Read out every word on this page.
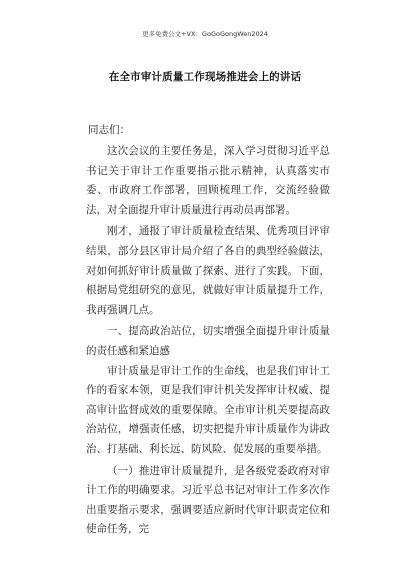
更多免费公文+VX：GoGoGongWen2024
在全市审计质量工作现场推进会上的讲话
同志们：

这次会议的主要任务是，深入学习贯彻习近平总书记关于审计工作重要指示批示精神，认真落实市委、市政府工作部署，回顾梳理工作，交流经验做法，对全面提升审计质量进行再动员再部署。

刚才，通报了审计质量检查结果、优秀项目评审结果，部分县区审计局介绍了各自的典型经验做法，对如何抓好审计质量做了探索、进行了实践。下面，根据局党组研究的意见，就做好审计质量提升工作，我再强调几点。

一、提高政治站位，切实增强全面提升审计质量的责任感和紧迫感

审计质量是审计工作的生命线，也是我们审计工作的看家本领，更是我们审计机关发挥审计权威、提高审计监督成效的重要保障。全市审计机关要提高政治站位，增强责任感，切实把提升审计质量作为讲政治、打基础、利长远、防风险、促发展的重要举措。

（一）推进审计质量提升，是各级党委政府对审计工作的明确要求。习近平总书记对审计工作多次作出重要指示要求，强调要适应新时代审计职责定位和使命任务，完
